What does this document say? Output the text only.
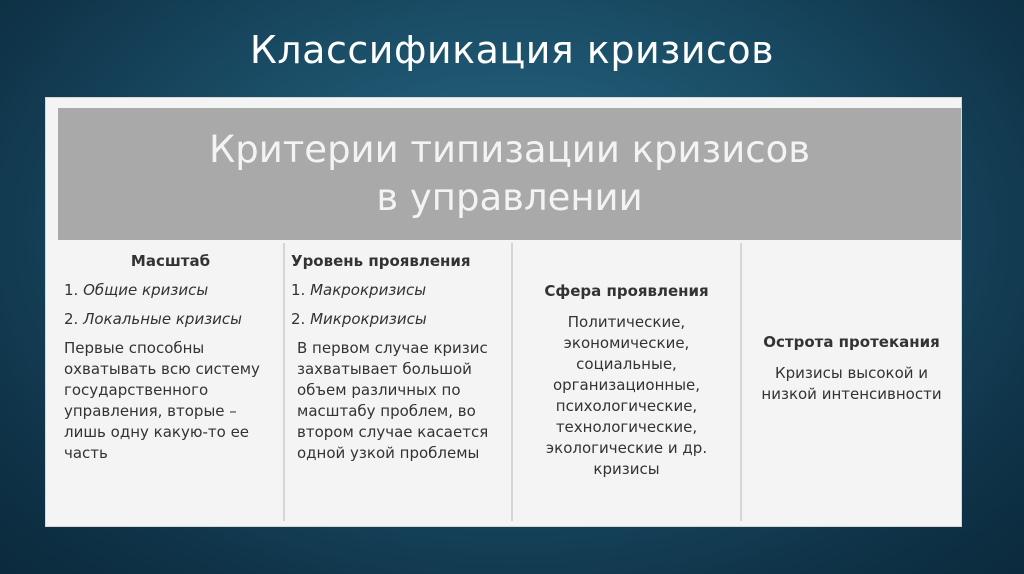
Классификация кризисов
Критерии типизации кризисов
в управлении
Масштаб
1. Общие кризисы
2. Локальные кризисы
Первые способны охватывать всю систему государственного управления, вторые – лишь одну какую-то ее часть
Уровень проявления
1. Макрокризисы
2. Микрокризисы
В первом случае кризис захватывает большой объем различных по масштабу проблем, во втором случае касается одной узкой проблемы
Сфера проявления
Политические, экономические, социальные, организационные, психологические, технологические, экологические и др. кризисы
Острота протекания
Кризисы высокой и низкой интенсивности
